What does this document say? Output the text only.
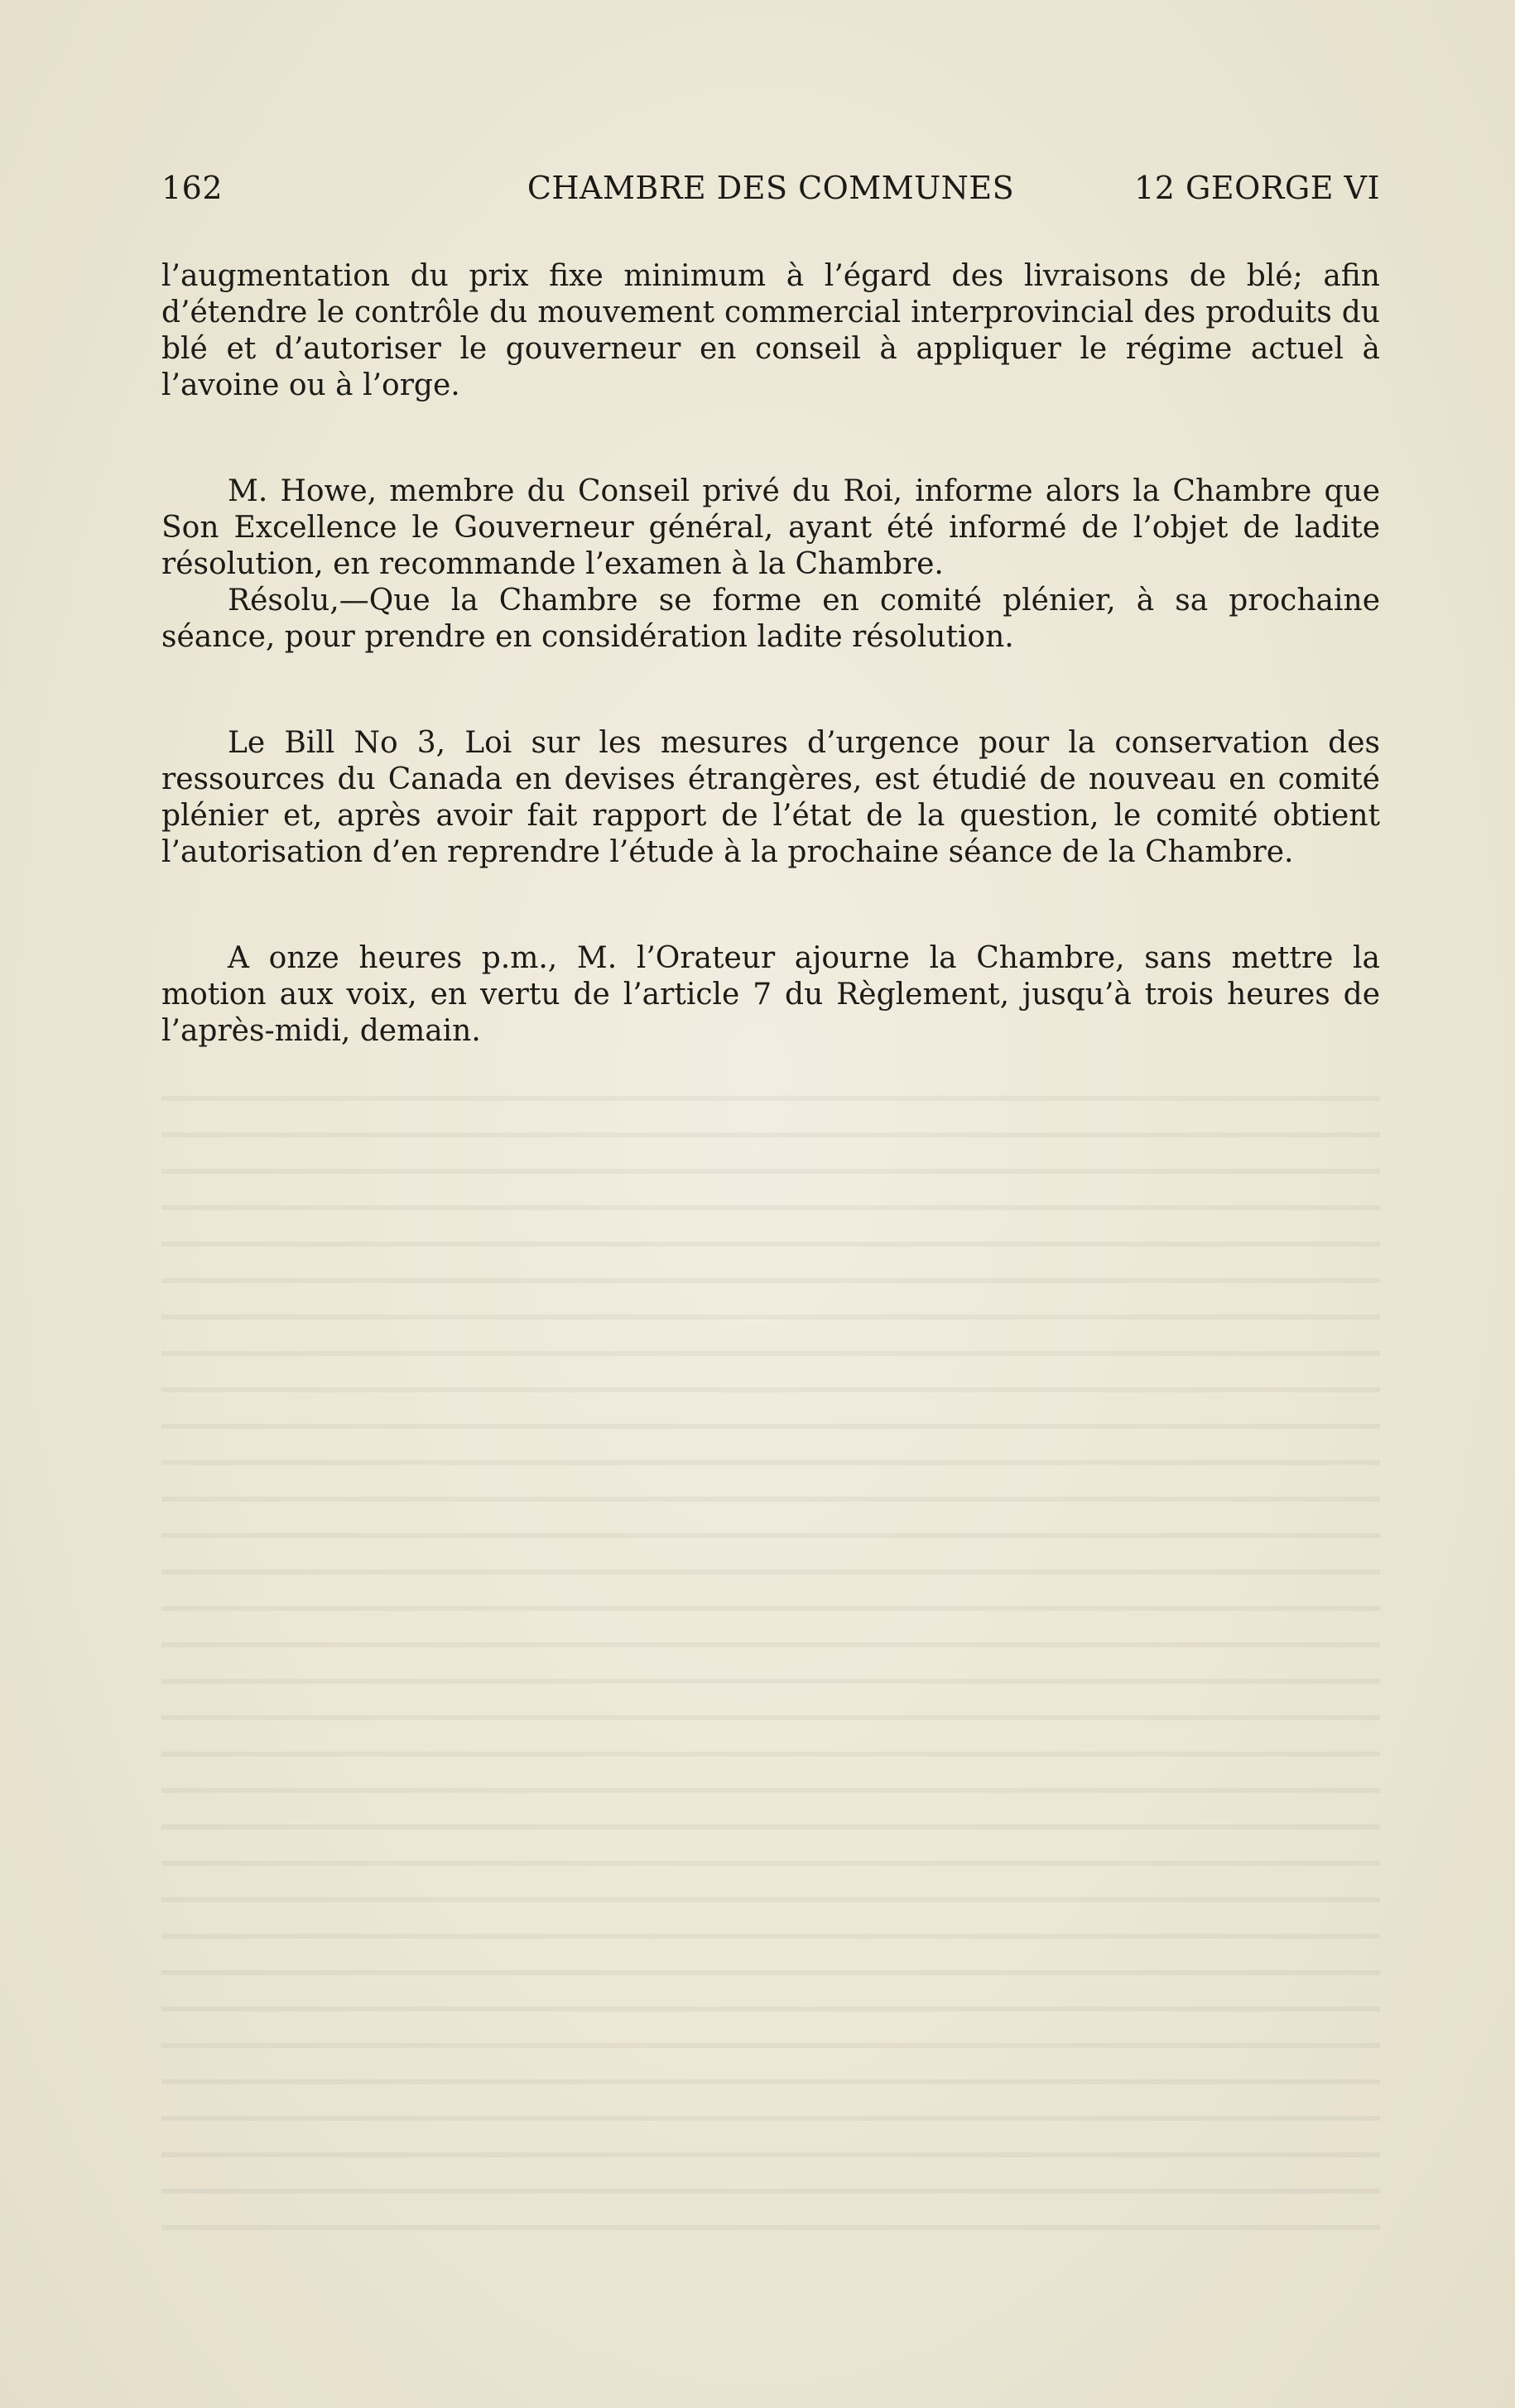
162	CHAMBRE DES COMMUNES	12 GEORGE VI

l’augmentation du prix fixe minimum à l’égard des livraisons de blé; afin d’étendre le contrôle du mouvement commercial interprovincial des produits du blé et d’autoriser le gouverneur en conseil à appliquer le régime actuel à l’avoine ou à l’orge.

M. Howe, membre du Conseil privé du Roi, informe alors la Chambre que Son Excellence le Gouverneur général, ayant été informé de l’objet de ladite résolution, en recommande l’examen à la Chambre.

Résolu,—Que la Chambre se forme en comité plénier, à sa prochaine séance, pour prendre en considération ladite résolution.

Le Bill No 3, Loi sur les mesures d’urgence pour la conservation des ressources du Canada en devises étrangères, est étudié de nouveau en comité plénier et, après avoir fait rapport de l’état de la question, le comité obtient l’autorisation d’en reprendre l’étude à la prochaine séance de la Chambre.

A onze heures p.m., M. l’Orateur ajourne la Chambre, sans mettre la motion aux voix, en vertu de l’article 7 du Règlement, jusqu’à trois heures de l’après-midi, demain.
